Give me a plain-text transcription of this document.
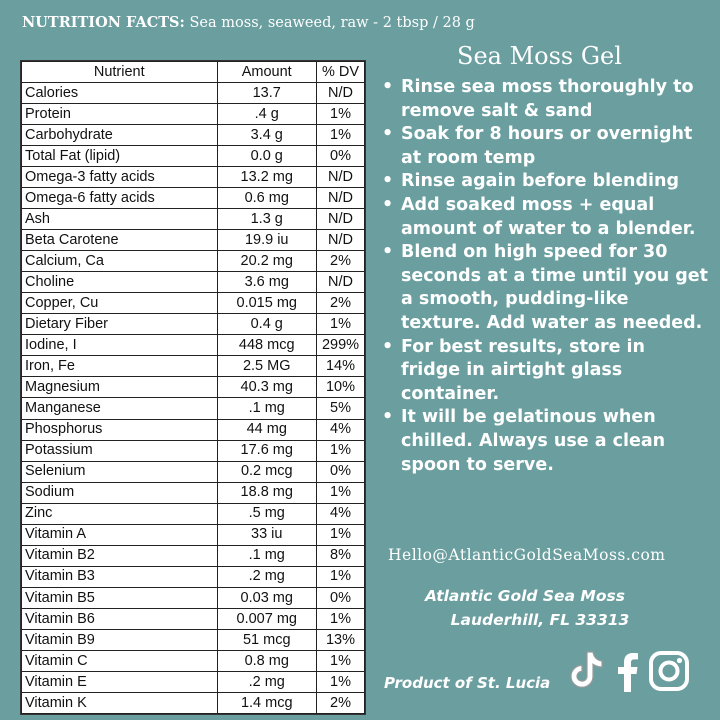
NUTRITION FACTS: Sea moss, seaweed, raw - 2 tbsp / 28 g
Nutrient	Amount	% DV
Calories	13.7	N/D
Protein	.4 g	1%
Carbohydrate	3.4 g	1%
Total Fat (lipid)	0.0 g	0%
Omega-3 fatty acids	13.2 mg	N/D
Omega-6 fatty acids	0.6 mg	N/D
Ash	1.3 g	N/D
Beta Carotene	19.9 iu	N/D
Calcium, Ca	20.2 mg	2%
Choline	3.6 mg	N/D
Copper, Cu	0.015 mg	2%
Dietary Fiber	0.4 g	1%
Iodine, I	448 mcg	299%
Iron, Fe	2.5 MG	14%
Magnesium	40.3 mg	10%
Manganese	.1 mg	5%
Phosphorus	44 mg	4%
Potassium	17.6 mg	1%
Selenium	0.2 mcg	0%
Sodium	18.8 mg	1%
Zinc	.5 mg	4%
Vitamin A	33 iu	1%
Vitamin B2	.1 mg	8%
Vitamin B3	.2 mg	1%
Vitamin B5	0.03 mg	0%
Vitamin B6	0.007 mg	1%
Vitamin B9	51 mcg	13%
Vitamin C	0.8 mg	1%
Vitamin E	.2 mg	1%
Vitamin K	1.4 mcg	2%
Sea Moss Gel
• Rinse sea moss thoroughly to remove salt & sand
• Soak for 8 hours or overnight at room temp
• Rinse again before blending
• Add soaked moss + equal amount of water to a blender.
• Blend on high speed for 30 seconds at a time until you get a smooth, pudding-like texture. Add water as needed.
• For best results, store in fridge in airtight glass container.
• It will be gelatinous when chilled. Always use a clean spoon to serve.
Hello@AtlanticGoldSeaMoss.com
Atlantic Gold Sea Moss
Lauderhill, FL 33313
Product of St. Lucia
